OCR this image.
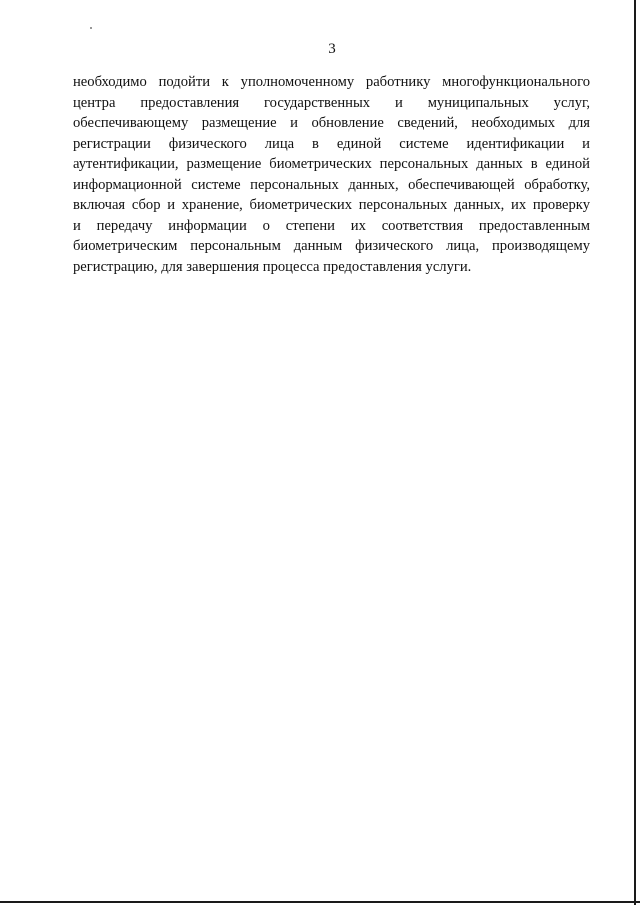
3
необходимо подойти к уполномоченному работнику многофункционального
центра предоставления государственных и муниципальных услуг,
обеспечивающему размещение и обновление сведений, необходимых для
регистрации физического лица в единой системе идентификации и
аутентификации, размещение биометрических персональных данных в единой
информационной системе персональных данных, обеспечивающей обработку,
включая сбор и хранение, биометрических персональных данных, их проверку
и передачу информации о степени их соответствия предоставленным
биометрическим персональным данным физического лица, производящему
регистрацию, для завершения процесса предоставления услуги.
